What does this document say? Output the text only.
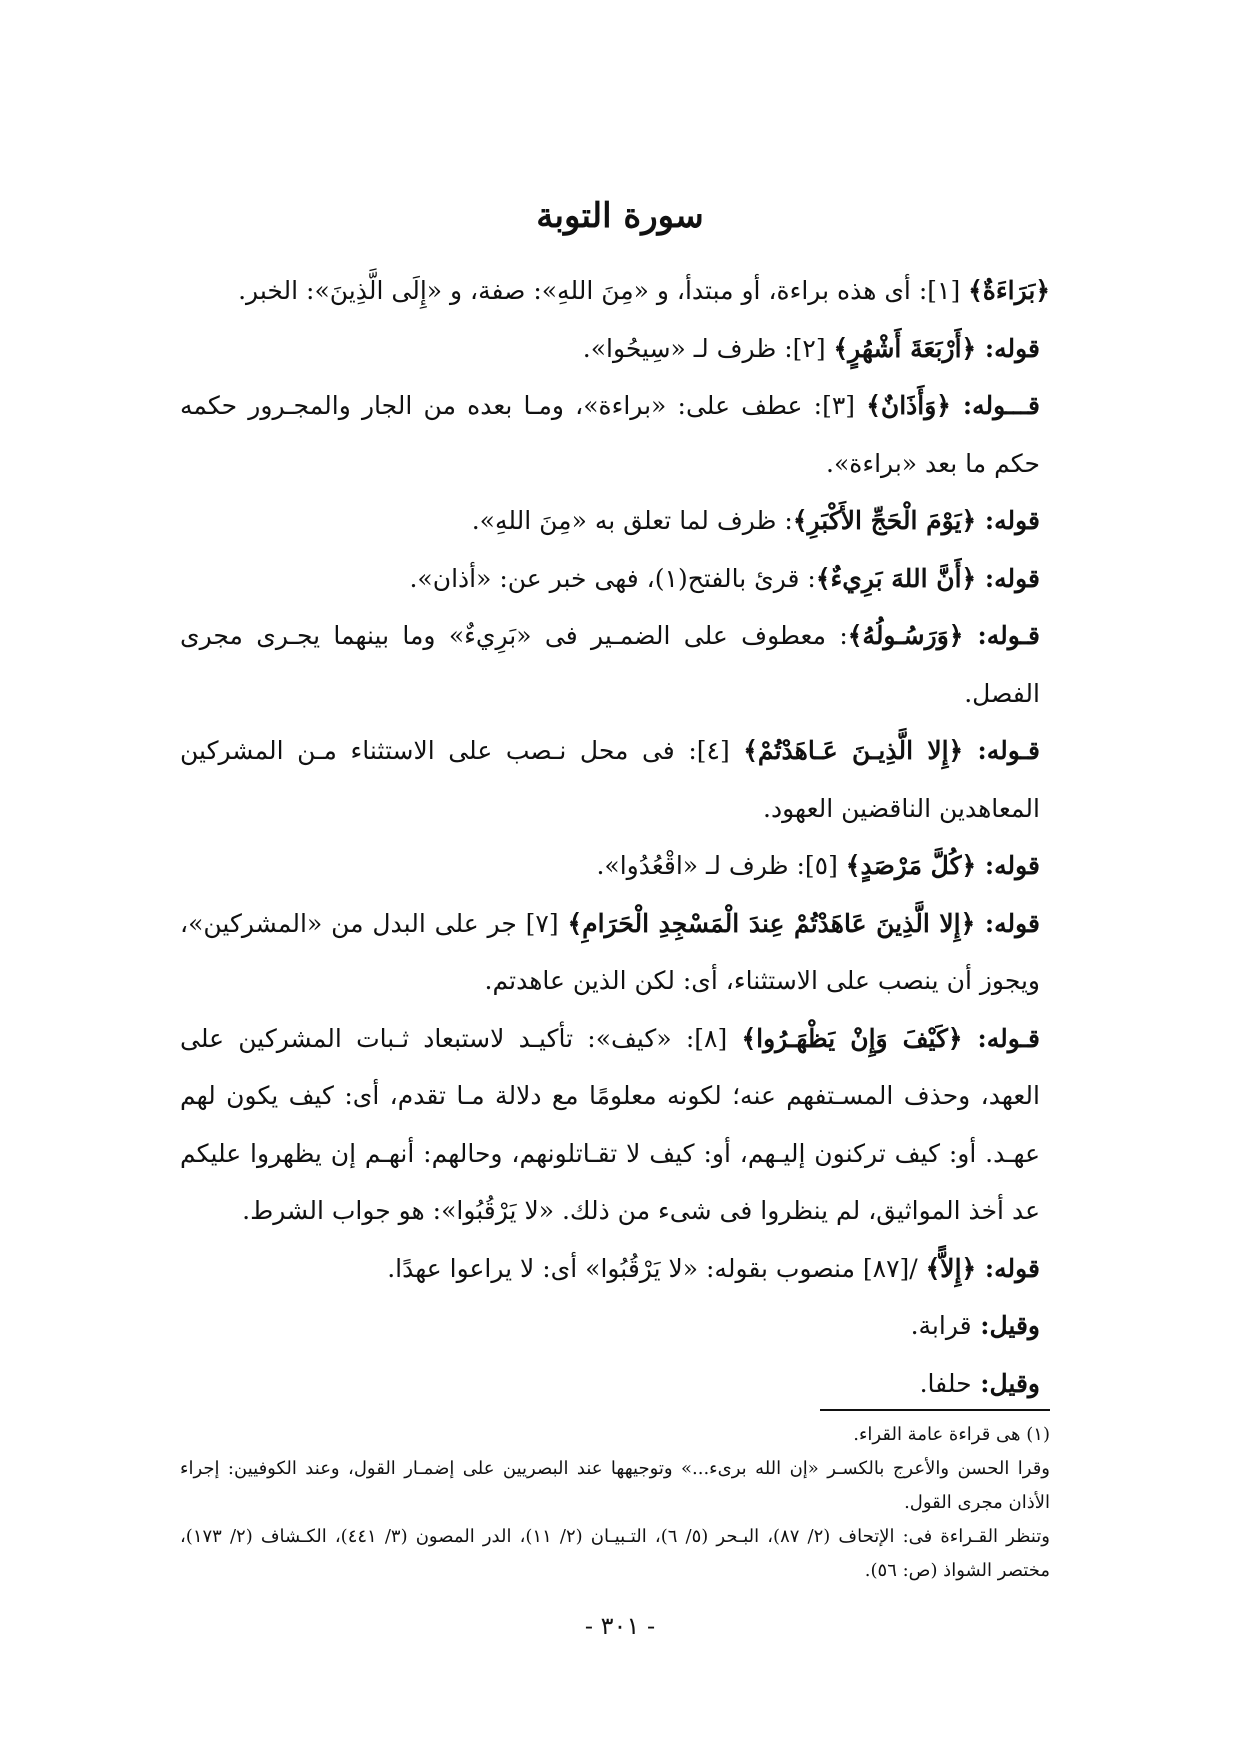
سورة التوبة

﴿بَرَاءَةٌ﴾ [١]: أى هذه براءة، أو مبتدأ، و «مِنَ اللهِ»: صفة، و «إِلَى الَّذِينَ»: الخبر.

قوله: ﴿أَرْبَعَةَ أَشْهُرٍ﴾ [٢]: ظرف لـ «سِيحُوا».

قـــوله: ﴿وَأَذَانٌ﴾ [٣]: عطف على: «براءة»، ومـا بعده من الجار والمجـرور حكمه حكم ما بعد «براءة».

قوله: ﴿يَوْمَ الْحَجِّ الأَكْبَرِ﴾: ظرف لما تعلق به «مِنَ اللهِ».

قوله: ﴿أَنَّ اللهَ بَرِيءٌ﴾: قرئ بالفتح(١)، فهى خبر عن: «أذان».

قـوله: ﴿وَرَسُـولُهُ﴾: معطوف على الضمـير فى «بَرِيءٌ» وما بينهما يجـرى مجرى الفصل.

قـوله: ﴿إِلا الَّذِيـنَ عَـاهَدْتُمْ﴾ [٤]: فى محل نـصب على الاستثناء مـن المشركين المعاهدين الناقضين العهود.

قوله: ﴿كُلَّ مَرْصَدٍ﴾ [٥]: ظرف لـ «اقْعُدُوا».

قوله: ﴿إِلا الَّذِينَ عَاهَدْتُمْ عِندَ الْمَسْجِدِ الْحَرَامِ﴾ [٧] جر على البدل من «المشركين»، ويجوز أن ينصب على الاستثناء، أى: لكن الذين عاهدتم.

قـوله: ﴿كَيْفَ وَإِنْ يَظْهَـرُوا﴾ [٨]: «كيف»: تأكيـد لاستبعاد ثـبات المشركين على العهد، وحذف المسـتفهم عنه؛ لكونه معلومًا مع دلالة مـا تقدم، أى: كيف يكون لهم عهـد. أو: كيف تركنون إليـهم، أو: كيف لا تقـاتلونهم، وحالهم: أنهـم إن يظهروا عليكم عد أخذ المواثيق، لم ينظروا فى شىء من ذلك. «لا يَرْقُبُوا»: هو جواب الشرط.

قوله: ﴿إِلاًّ﴾ /[٨٧] منصوب بقوله: «لا يَرْقُبُوا» أى: لا يراعوا عهدًا.

وقيل: قرابة.

وقيل: حلفا.

(١) هى قراءة عامة القراء.

وقرا الحسن والأعرج بالكسـر «إن الله برىء...» وتوجيهها عند البصريين على إضمـار القول، وعند الكوفيين: إجراء الأذان مجرى القول.

وتنظر القـراءة فى: الإتحاف (٢/ ٨٧)، البـحر (٥/ ٦)، التـبيـان (٢/ ١١)، الدر المصون (٣/ ٤٤١)، الكـشاف (٢/ ١٧٣)، مختصر الشواذ (ص: ٥٦).

- ٣٠١ -
